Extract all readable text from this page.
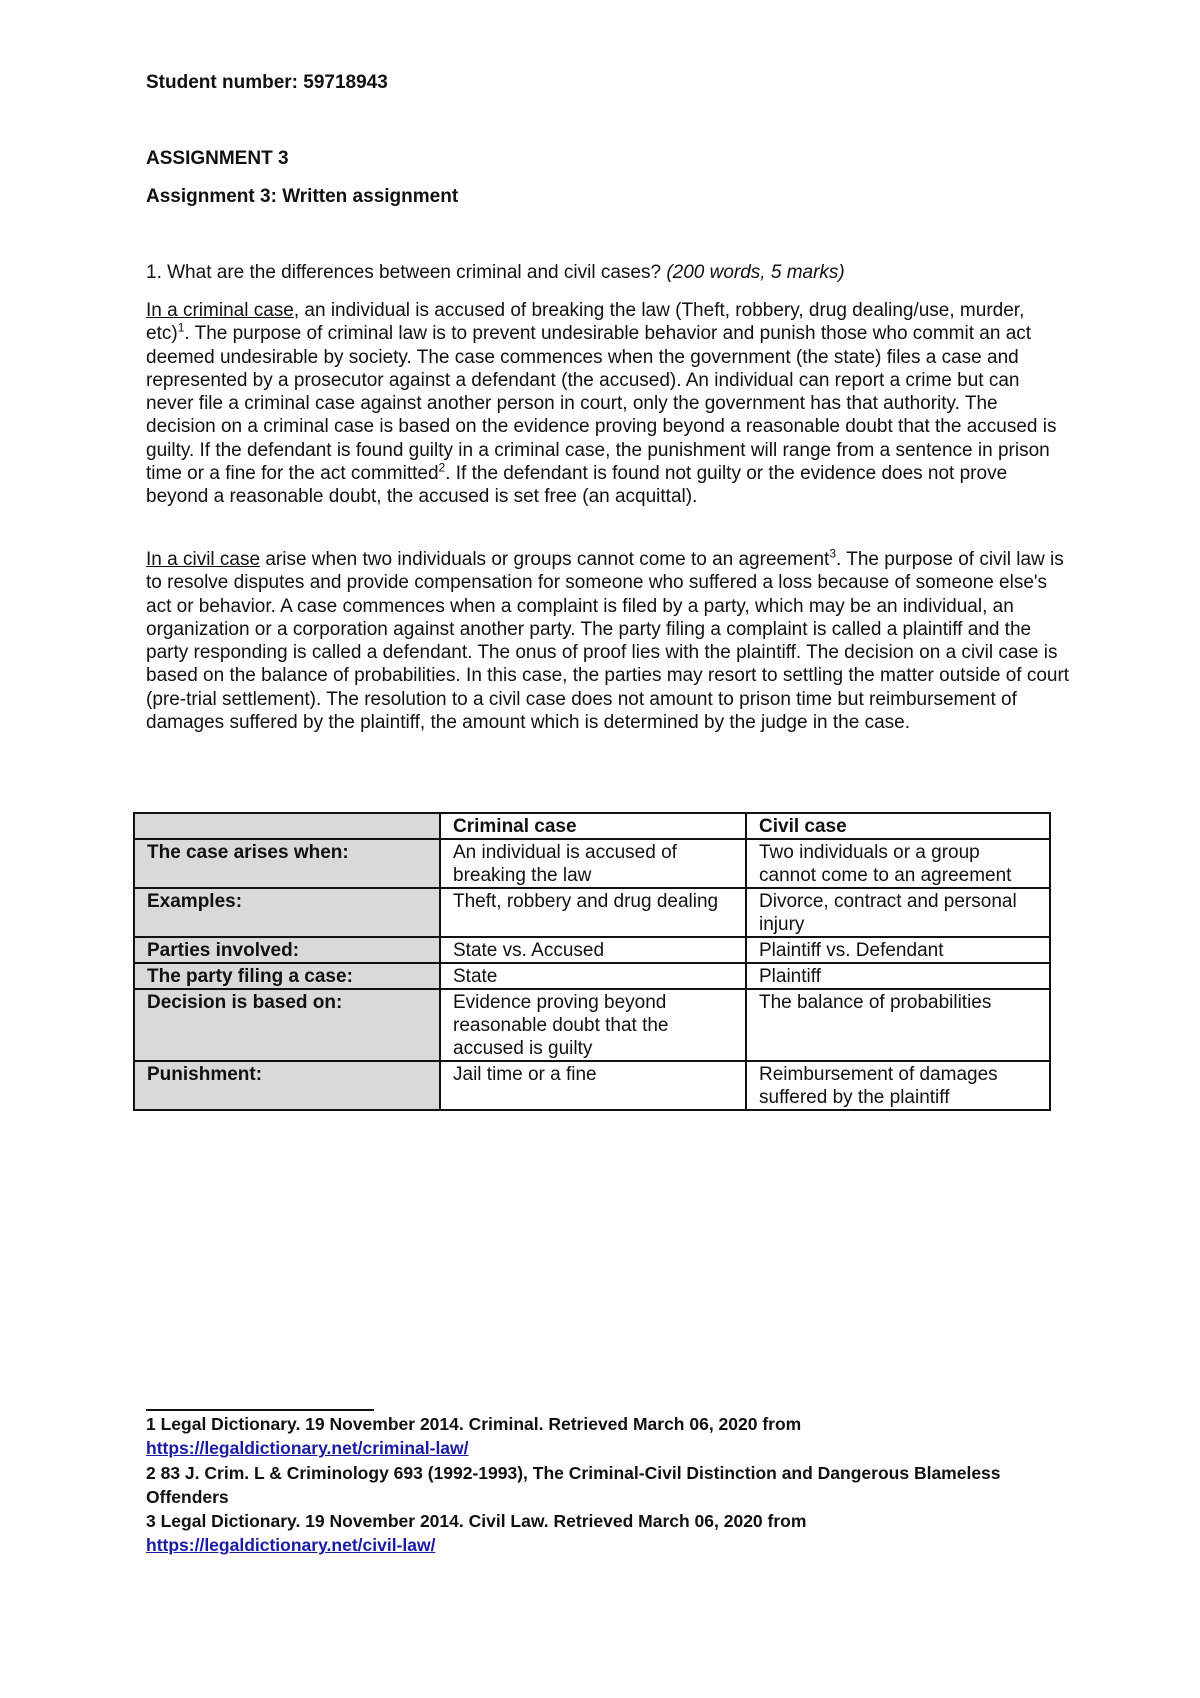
Student number: 59718943
ASSIGNMENT 3
Assignment 3: Written assignment
1. What are the differences between criminal and civil cases? (200 words, 5 marks)
In a criminal case, an individual is accused of breaking the law (Theft, robbery, drug dealing/use, murder, etc)$^1$. The purpose of criminal law is to prevent undesirable behavior and punish those who commit an act deemed undesirable by society. The case commences when the government (the state) files a case and represented by a prosecutor against a defendant (the accused). An individual can report a crime but can never file a criminal case against another person in court, only the government has that authority. The decision on a criminal case is based on the evidence proving beyond a reasonable doubt that the accused is guilty. If the defendant is found guilty in a criminal case, the punishment will range from a sentence in prison time or a fine for the act committed$^2$. If the defendant is found not guilty or the evidence does not prove beyond a reasonable doubt, the accused is set free (an acquittal).
In a civil case arise when two individuals or groups cannot come to an agreement$^3$. The purpose of civil law is to resolve disputes and provide compensation for someone who suffered a loss because of someone else's act or behavior. A case commences when a complaint is filed by a party, which may be an individual, an organization or a corporation against another party. The party filing a complaint is called a plaintiff and the party responding is called a defendant. The onus of proof lies with the plaintiff. The decision on a civil case is based on the balance of probabilities. In this case, the parties may resort to settling the matter outside of court (pre-trial settlement). The resolution to a civil case does not amount to prison time but reimbursement of damages suffered by the plaintiff, the amount which is determined by the judge in the case.
	Criminal case	Civil case
The case arises when:	An individual is accused of breaking the law	Two individuals or a group cannot come to an agreement
Examples:	Theft, robbery and drug dealing	Divorce, contract and personal injury
Parties involved:	State vs. Accused	Plaintiff vs. Defendant
The party filing a case:	State	Plaintiff
Decision is based on:	Evidence proving beyond reasonable doubt that the accused is guilty	The balance of probabilities
Punishment:	Jail time or a fine	Reimbursement of damages suffered by the plaintiff
1 Legal Dictionary. 19 November 2014. Criminal. Retrieved March 06, 2020 from
https://legaldictionary.net/criminal-law/
2 83 J. Crim. L & Criminology 693 (1992-1993), The Criminal-Civil Distinction and Dangerous Blameless Offenders
3 Legal Dictionary. 19 November 2014. Civil Law. Retrieved March 06, 2020 from
https://legaldictionary.net/civil-law/
